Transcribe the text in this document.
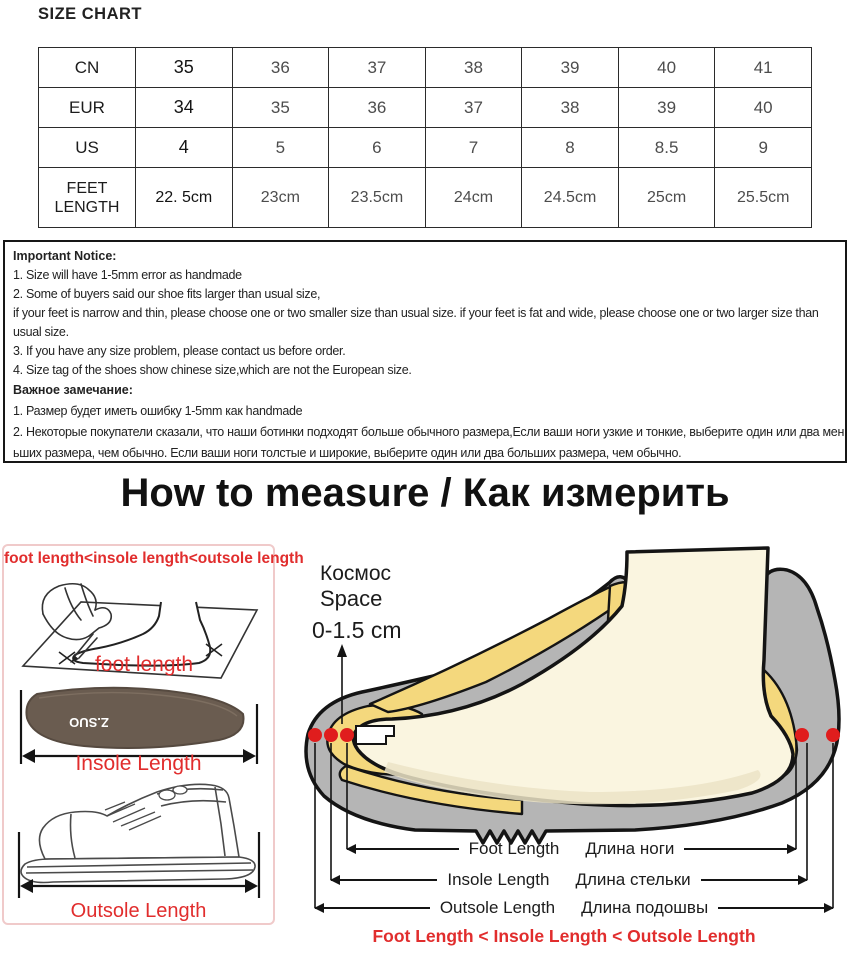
SIZE CHART
CN	35	36	37	38	39	40	41
EUR	34	35	36	37	38	39	40
US	4	5	6	7	8	8.5	9
FEET LENGTH	22. 5cm	23cm	23.5cm	24cm	24.5cm	25cm	25.5cm
Important Notice:
1. Size will have 1-5mm error as handmade
2. Some of buyers said our shoe fits larger than usual size,
if your feet is narrow and thin, please choose one or two smaller size than usual size. if your feet is fat and wide, please choose one or two larger size than
usual size.
3. If you have any size problem, please contact us before order.
4. Size tag of the shoes show chinese size,which are not the European size.
Важное замечание:
1. Размер будет иметь ошибку 1-5mm как handmade
2. Некоторые покупатели сказали, что наши ботинки подходят больше обычного размера,Если ваши ноги узкие и тонкие, выберите один или два мен
ьших размера, чем обычно. Если ваши ноги толстые и широкие, выберите один или два больших размера, чем обычно.
How to measure / Как измерить
foot length<insole length<outsole length
foot length
Z.SUO
Insole Length
Outsole Length
Космос
Space
0-1.5 cm
Foot Length Длина ноги
Insole Length Длина стельки
Outsole Length Длина подошвы
Foot Length < Insole Length < Outsole Length
